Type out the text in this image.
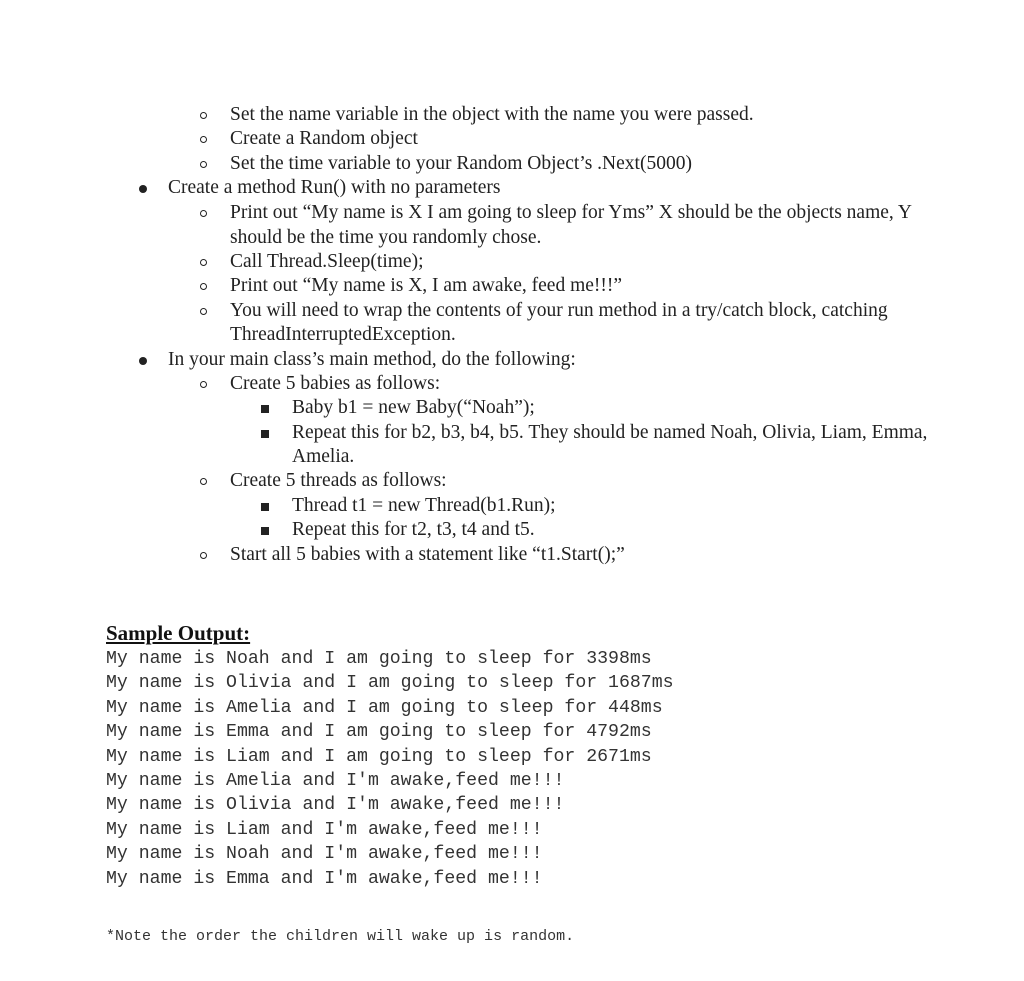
Set the name variable in the object with the name you were passed.
Create a Random object
Set the time variable to your Random Object’s .Next(5000)
Create a method Run() with no parameters
Print out “My name is X I am going to sleep for Yms” X should be the objects name, Y
should be the time you randomly chose.
Call Thread.Sleep(time);
Print out “My name is X, I am awake, feed me!!!”
You will need to wrap the contents of your run method in a try/catch block, catching
ThreadInterruptedException.
In your main class’s main method, do the following:
Create 5 babies as follows:
Baby b1 = new Baby(“Noah”);
Repeat this for b2, b3, b4, b5. They should be named Noah, Olivia, Liam, Emma,
Amelia.
Create 5 threads as follows:
Thread t1 = new Thread(b1.Run);
Repeat this for t2, t3, t4 and t5.
Start all 5 babies with a statement like “t1.Start();”
Sample Output:
My name is Noah and I am going to sleep for 3398ms
My name is Olivia and I am going to sleep for 1687ms
My name is Amelia and I am going to sleep for 448ms
My name is Emma and I am going to sleep for 4792ms
My name is Liam and I am going to sleep for 2671ms
My name is Amelia and I'm awake,feed me!!!
My name is Olivia and I'm awake,feed me!!!
My name is Liam and I'm awake,feed me!!!
My name is Noah and I'm awake,feed me!!!
My name is Emma and I'm awake,feed me!!!
*Note the order the children will wake up is random.
